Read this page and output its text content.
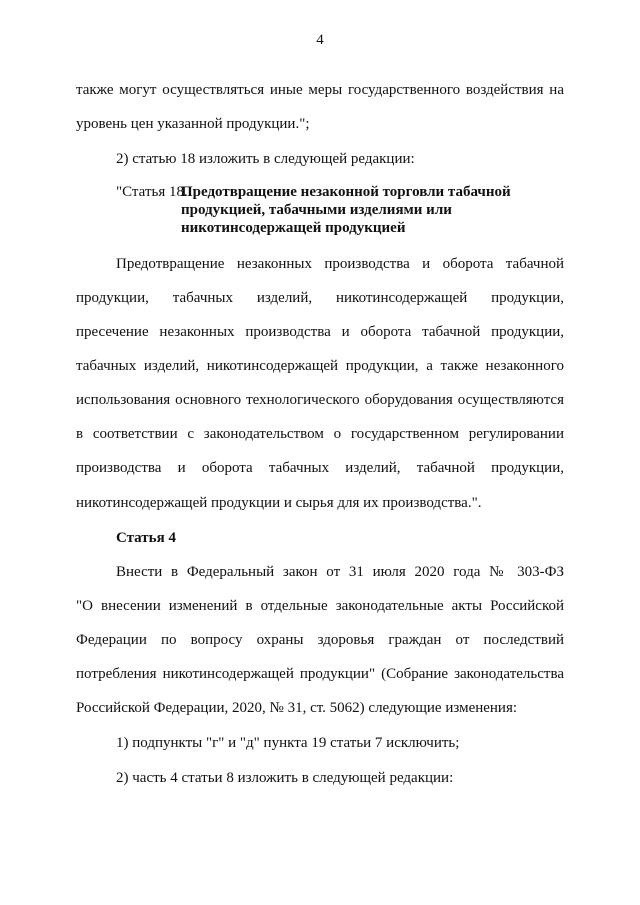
4
также могут осуществляться иные меры государственного воздействия на
уровень цен указанной продукции.";
2) статью 18 изложить в следующей редакции:
"Статья 18.
Предотвращение незаконной торговли табачной продукцией, табачными изделиями или никотинсодержащей продукцией
Предотвращение незаконных производства и оборота табачной
продукции, табачных изделий, никотинсодержащей продукции,
пресечение незаконных производства и оборота табачной продукции,
табачных изделий, никотинсодержащей продукции, а также незаконного
использования основного технологического оборудования осуществляются
в соответствии с законодательством о государственном регулировании
производства и оборота табачных изделий, табачной продукции,
никотинсодержащей продукции и сырья для их производства.".
Статья 4
Внести в Федеральный закон от 31 июля 2020 года № 303-ФЗ
"О внесении изменений в отдельные законодательные акты Российской
Федерации по вопросу охраны здоровья граждан от последствий
потребления никотинсодержащей продукции" (Собрание законодательства
Российской Федерации, 2020, № 31, ст. 5062) следующие изменения:
1) подпункты "г" и "д" пункта 19 статьи 7 исключить;
2) часть 4 статьи 8 изложить в следующей редакции:
